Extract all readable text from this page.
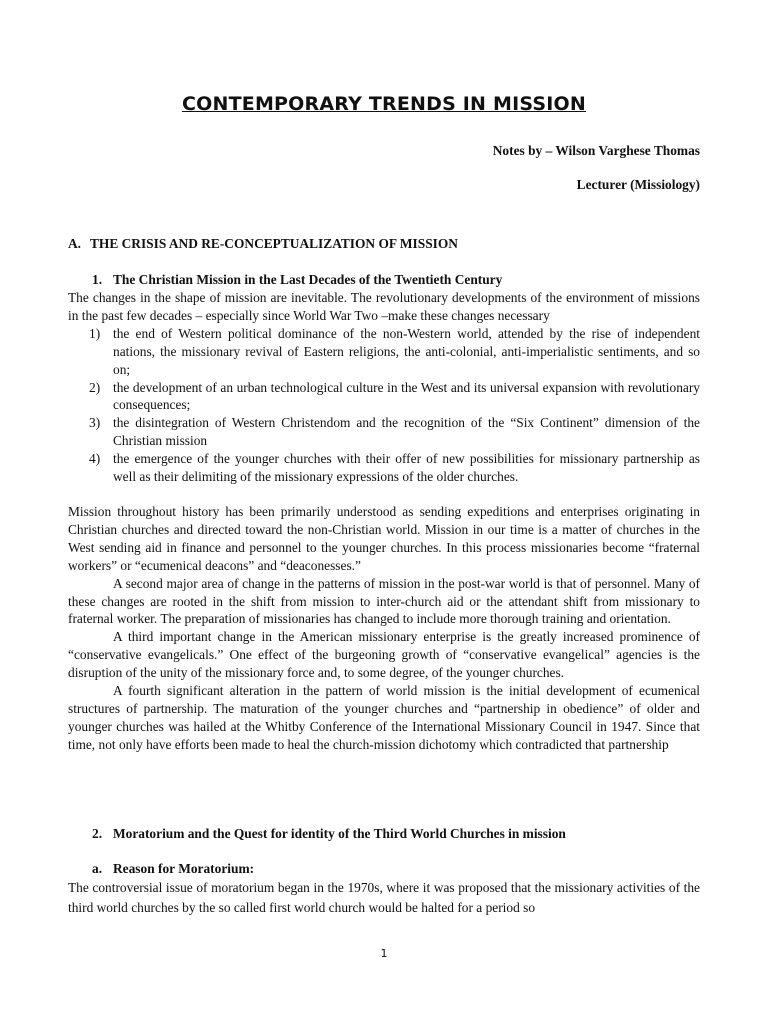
CONTEMPORARY TRENDS IN MISSION
Notes by – Wilson Varghese Thomas
Lecturer (Missiology)
A. THE CRISIS AND RE-CONCEPTUALIZATION OF MISSION
1. The Christian Mission in the Last Decades of the Twentieth Century

The changes in the shape of mission are inevitable. The revolutionary developments of the environment of missions in the past few decades – especially since World War Two –make these changes necessary

1) the end of Western political dominance of the non-Western world, attended by the rise of independent nations, the missionary revival of Eastern religions, the anti-colonial, anti-imperialistic sentiments, and so on;
2) the development of an urban technological culture in the West and its universal expansion with revolutionary consequences;
3) the disintegration of Western Christendom and the recognition of the “Six Continent” dimension of the Christian mission
4) the emergence of the younger churches with their offer of new possibilities for missionary partnership as well as their delimiting of the missionary expressions of the older churches.

Mission throughout history has been primarily understood as sending expeditions and enterprises originating in Christian churches and directed toward the non-Christian world. Mission in our time is a matter of churches in the West sending aid in finance and personnel to the younger churches. In this process missionaries become “fraternal workers” or “ecumenical deacons” and “deaconesses.”

A second major area of change in the patterns of mission in the post-war world is that of personnel. Many of these changes are rooted in the shift from mission to inter-church aid or the attendant shift from missionary to fraternal worker. The preparation of missionaries has changed to include more thorough training and orientation.

A third important change in the American missionary enterprise is the greatly increased prominence of “conservative evangelicals.” One effect of the burgeoning growth of “conservative evangelical” agencies is the disruption of the unity of the missionary force and, to some degree, of the younger churches.

A fourth significant alteration in the pattern of world mission is the initial development of ecumenical structures of partnership. The maturation of the younger churches and “partnership in obedience” of older and younger churches was hailed at the Whitby Conference of the International Missionary Council in 1947. Since that time, not only have efforts been made to heal the church-mission dichotomy which contradicted that partnership

2. Moratorium and the Quest for identity of the Third World Churches in mission
a. Reason for Moratorium:

The controversial issue of moratorium began in the 1970s, where it was proposed that the missionary activities of the third world churches by the so called first world church would be halted for a period so

1
